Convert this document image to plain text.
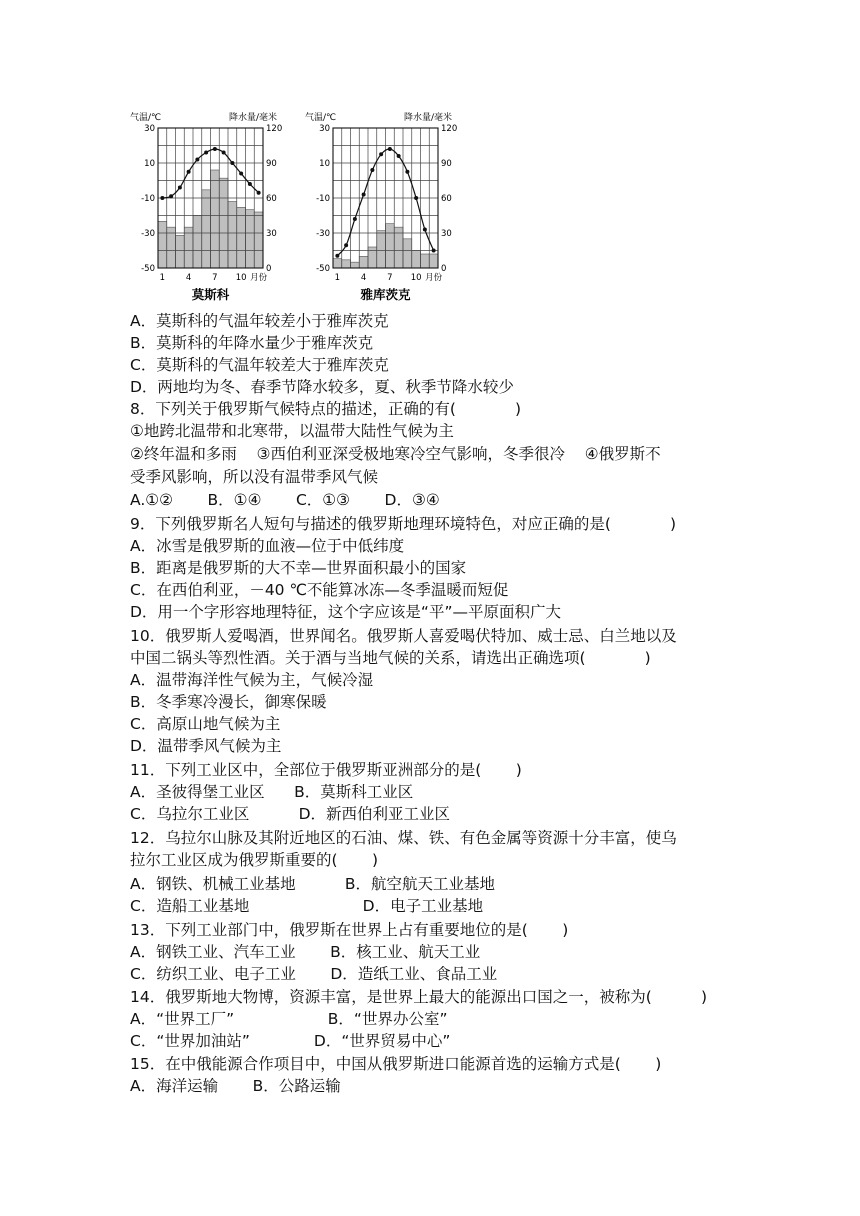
气温/℃	降水量/毫米
30
10
-10
-30
-50
120
90
60
30
0
1 4 7 10 月份
莫斯科
气温/℃	降水量/毫米
30
10
-10
-30
-50
120
90
60
30
0
1 4 7 10 月份
雅库茨克
A．莫斯科的气温年较差小于雅库茨克
B．莫斯科的年降水量少于雅库茨克
C．莫斯科的气温年较差大于雅库茨克
D．两地均为冬、春季节降水较多，夏、秋季节降水较少
8．下列关于俄罗斯气候特点的描述，正确的有(            )
①地跨北温带和北寒带，以温带大陆性气候为主
②终年温和多雨    ③西伯利亚深受极地寒冷空气影响，冬季很冷    ④俄罗斯不
受季风影响，所以没有温带季风气候
A.①②       B．①④       C．①③       D．③④
9．下列俄罗斯名人短句与描述的俄罗斯地理环境特色，对应正确的是(            )
A．冰雪是俄罗斯的血液—位于中低纬度
B．距离是俄罗斯的大不幸—世界面积最小的国家
C．在西伯利亚，－40 ℃不能算冰冻—冬季温暖而短促
D．用一个字形容地理特征，这个字应该是“平”—平原面积广大
10．俄罗斯人爱喝酒，世界闻名。俄罗斯人喜爱喝伏特加、威士忌、白兰地以及
中国二锅头等烈性酒。关于酒与当地气候的关系，请选出正确选项(            )
A．温带海洋性气候为主，气候冷湿
B．冬季寒冷漫长，御寒保暖
C．高原山地气候为主
D．温带季风气候为主
11．下列工业区中，全部位于俄罗斯亚洲部分的是(       )
A．圣彼得堡工业区      B．莫斯科工业区
C．乌拉尔工业区          D．新西伯利亚工业区
12．乌拉尔山脉及其附近地区的石油、煤、铁、有色金属等资源十分丰富，使乌
拉尔工业区成为俄罗斯重要的(       )
A．钢铁、机械工业基地          B．航空航天工业基地
C．造船工业基地                       D．电子工业基地
13．下列工业部门中，俄罗斯在世界上占有重要地位的是(       )
A．钢铁工业、汽车工业       B．核工业、航天工业
C．纺织工业、电子工业       D．造纸工业、食品工业
14．俄罗斯地大物博，资源丰富，是世界上最大的能源出口国之一，被称为(          )
A．“世界工厂”                   B．“世界办公室”
C．“世界加油站”             D．“世界贸易中心”
15．在中俄能源合作项目中，中国从俄罗斯进口能源首选的运输方式是(       )
A．海洋运输       B．公路运输
